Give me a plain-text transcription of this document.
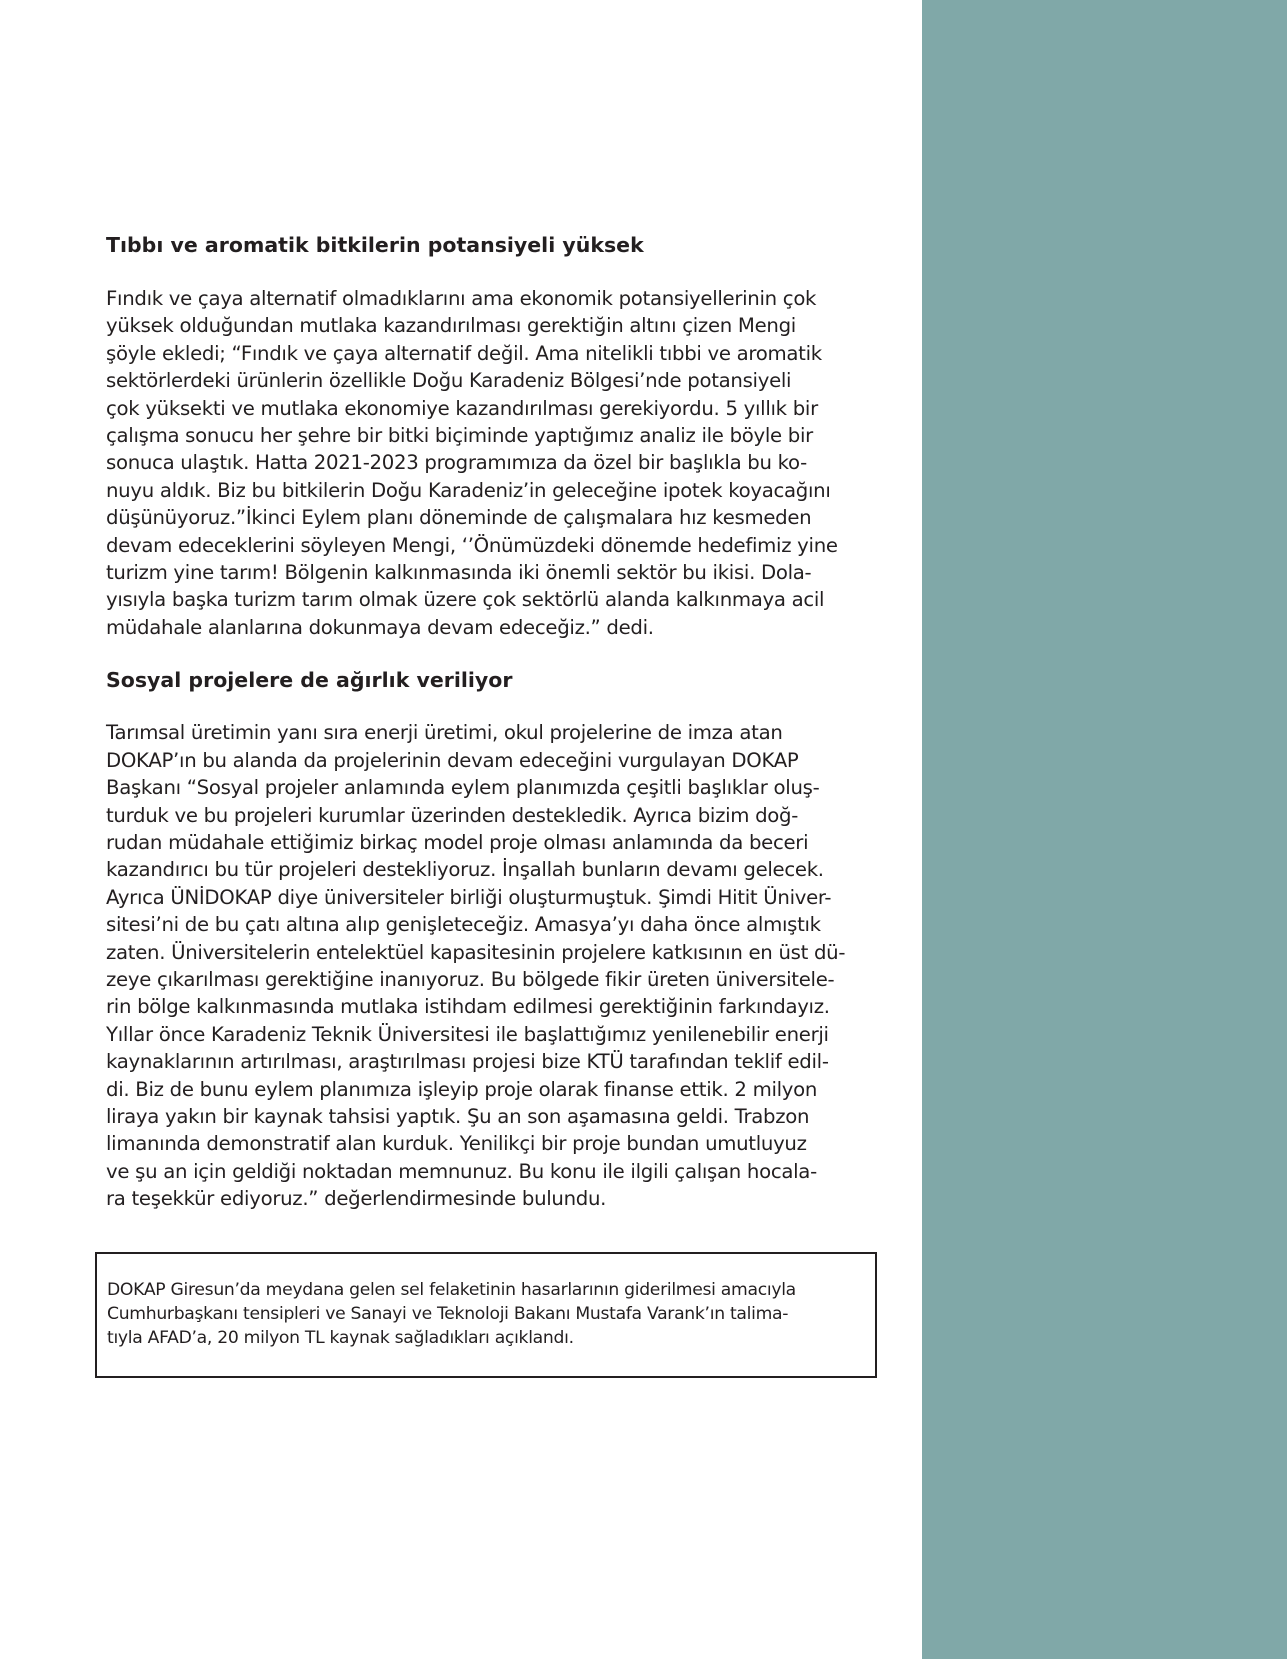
Tıbbı ve aromatik bitkilerin potansiyeli yüksek

Fındık ve çaya alternatif olmadıklarını ama ekonomik potansiyellerinin çok
yüksek olduğundan mutlaka kazandırılması gerektiğin altını çizen Mengi
şöyle ekledi; “Fındık ve çaya alternatif değil. Ama nitelikli tıbbi ve aromatik
sektörlerdeki ürünlerin özellikle Doğu Karadeniz Bölgesi’nde potansiyeli
çok yüksekti ve mutlaka ekonomiye kazandırılması gerekiyordu. 5 yıllık bir
çalışma sonucu her şehre bir bitki biçiminde yaptığımız analiz ile böyle bir
sonuca ulaştık. Hatta 2021-2023 programımıza da özel bir başlıkla bu ko-
nuyu aldık. Biz bu bitkilerin Doğu Karadeniz’in geleceğine ipotek koyacağını
düşünüyoruz.”İkinci Eylem planı döneminde de çalışmalara hız kesmeden
devam edeceklerini söyleyen Mengi, ‘’Önümüzdeki dönemde hedefimiz yine
turizm yine tarım! Bölgenin kalkınmasında iki önemli sektör bu ikisi. Dola-
yısıyla başka turizm tarım olmak üzere çok sektörlü alanda kalkınmaya acil
müdahale alanlarına dokunmaya devam edeceğiz.” dedi.

Sosyal projelere de ağırlık veriliyor

Tarımsal üretimin yanı sıra enerji üretimi, okul projelerine de imza atan
DOKAP’ın bu alanda da projelerinin devam edeceğini vurgulayan DOKAP
Başkanı “Sosyal projeler anlamında eylem planımızda çeşitli başlıklar oluş-
turduk ve bu projeleri kurumlar üzerinden destekledik. Ayrıca bizim doğ-
rudan müdahale ettiğimiz birkaç model proje olması anlamında da beceri
kazandırıcı bu tür projeleri destekliyoruz. İnşallah bunların devamı gelecek.
Ayrıca ÜNİDOKAP diye üniversiteler birliği oluşturmuştuk. Şimdi Hitit Üniver-
sitesi’ni de bu çatı altına alıp genişleteceğiz. Amasya’yı daha önce almıştık
zaten. Üniversitelerin entelektüel kapasitesinin projelere katkısının en üst dü-
zeye çıkarılması gerektiğine inanıyoruz. Bu bölgede fikir üreten üniversitele-
rin bölge kalkınmasında mutlaka istihdam edilmesi gerektiğinin farkındayız.
Yıllar önce Karadeniz Teknik Üniversitesi ile başlattığımız yenilenebilir enerji
kaynaklarının artırılması, araştırılması projesi bize KTÜ tarafından teklif edil-
di. Biz de bunu eylem planımıza işleyip proje olarak finanse ettik. 2 milyon
liraya yakın bir kaynak tahsisi yaptık. Şu an son aşamasına geldi. Trabzon
limanında demonstratif alan kurduk. Yenilikçi bir proje bundan umutluyuz
ve şu an için geldiği noktadan memnunuz. Bu konu ile ilgili çalışan hocala-
ra teşekkür ediyoruz.” değerlendirmesinde bulundu.

DOKAP Giresun’da meydana gelen sel felaketinin hasarlarının giderilmesi amacıyla
Cumhurbaşkanı tensipleri ve Sanayi ve Teknoloji Bakanı Mustafa Varank’ın talima-
tıyla AFAD’a, 20 milyon TL kaynak sağladıkları açıklandı.
